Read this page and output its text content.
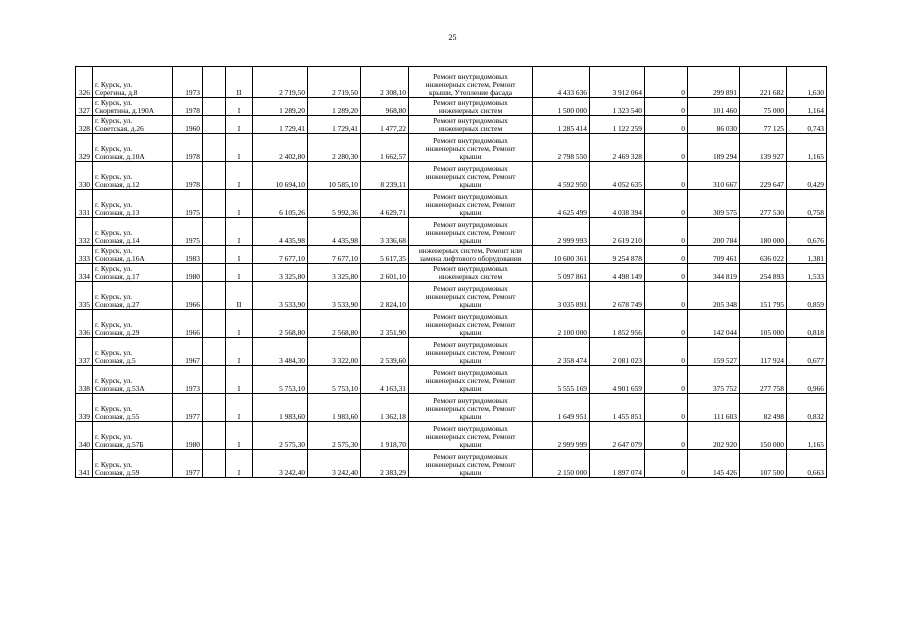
25
326	г. Курск, ул.
Серегина, д.8	1973		II	2 719,50	2 719,50	2 308,10	Ремонт внутридомовых
инженерных систем, Ремонт
крыши, Утепление фасада	4 433 636	3 912 064	0	299 891	221 682	1,630
327	г. Курск, ул.
Скорятина, д.190А	1978		I	1 289,20	1 289,20	968,80	Ремонт внутридомовых
инженерных систем	1 500 000	1 323 540	0	101 460	75 000	1,164
328	г. Курск, ул.
Советская, д.26	1960		I	1 729,41	1 729,41	1 477,22	Ремонт внутридомовых
инженерных систем	1 285 414	1 122 259	0	86 030	77 125	0,743
329	г. Курск, ул.
Союзная, д.10А	1978		I	2 402,80	2 280,30	1 662,57	Ремонт внутридомовых
инженерных систем, Ремонт
крыши	2 798 550	2 469 328	0	189 294	139 927	1,165
330	г. Курск, ул.
Союзная, д.12	1978		I	10 694,10	10 585,10	8 239,11	Ремонт внутридомовых
инженерных систем, Ремонт
крыши	4 592 950	4 052 635	0	310 667	229 647	0,429
331	г. Курск, ул.
Союзная, д.13	1975		I	6 105,26	5 992,36	4 629,71	Ремонт внутридомовых
инженерных систем, Ремонт
крыши	4 625 499	4 038 394	0	309 575	277 530	0,758
332	г. Курск, ул.
Союзная, д.14	1975		I	4 435,98	4 435,98	3 336,68	Ремонт внутридомовых
инженерных систем, Ремонт
крыши	2 999 993	2 619 210	0	200 784	180 000	0,676
333	г. Курск, ул.
Союзная, д.16А	1983		I	7 677,10	7 677,10	5 617,35	инженерных систем, Ремонт или
замена лифтового оборудования	10 600 361	9 254 878	0	709 461	636 022	1,381
334	г. Курск, ул.
Союзная, д.17	1980		I	3 325,80	3 325,80	2 601,10	Ремонт внутридомовых
инженерных систем	5 097 861	4 498 149	0	344 819	254 893	1,533
335	г. Курск, ул.
Союзная, д.27	1966		II	3 533,90	3 533,90	2 824,10	Ремонт внутридомовых
инженерных систем, Ремонт
крыши	3 035 891	2 678 749	0	205 348	151 795	0,859
336	г. Курск, ул.
Союзная, д.29	1966		I	2 568,80	2 568,80	2 351,90	Ремонт внутридомовых
инженерных систем, Ремонт
крыши	2 100 000	1 852 956	0	142 044	105 000	0,818
337	г. Курск, ул.
Союзная, д.5	1967		I	3 484,30	3 322,00	2 539,60	Ремонт внутридомовых
инженерных систем, Ремонт
крыши	2 358 474	2 081 023	0	159 527	117 924	0,677
338	г. Курск, ул.
Союзная, д.53А	1973		I	5 753,10	5 753,10	4 163,31	Ремонт внутридомовых
инженерных систем, Ремонт
крыши	5 555 169	4 901 659	0	375 752	277 758	0,966
339	г. Курск, ул.
Союзная, д.55	1977		I	1 983,60	1 983,60	1 362,18	Ремонт внутридомовых
инженерных систем, Ремонт
крыши	1 649 951	1 455 851	0	111 603	82 498	0,832
340	г. Курск, ул.
Союзная, д.57Б	1980		I	2 575,30	2 575,30	1 918,70	Ремонт внутридомовых
инженерных систем, Ремонт
крыши	2 999 999	2 647 079	0	202 920	150 000	1,165
341	г. Курск, ул.
Союзная, д.59	1977		I	3 242,40	3 242,40	2 383,29	Ремонт внутридомовых
инженерных систем, Ремонт
крыши	2 150 000	1 897 074	0	145 426	107 500	0,663
